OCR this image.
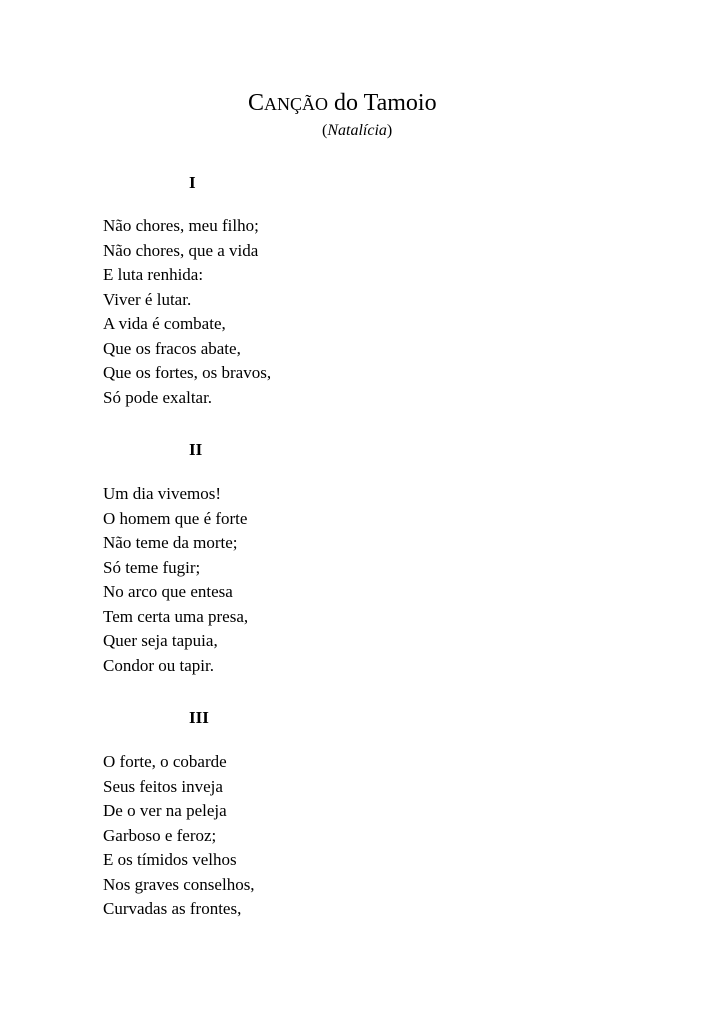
CANÇÃO do Tamoio
(Natalícia)
I
Não chores, meu filho;
Não chores, que a vida
E luta renhida:
Viver é lutar.
A vida é combate,
Que os fracos abate,
Que os fortes, os bravos,
Só pode exaltar.
II
Um dia vivemos!
O homem que é forte
Não teme da morte;
Só teme fugir;
No arco que entesa
Tem certa uma presa,
Quer seja tapuia,
Condor ou tapir.
III
O forte, o cobarde
Seus feitos inveja
De o ver na peleja
Garboso e feroz;
E os tímidos velhos
Nos graves conselhos,
Curvadas as frontes,
